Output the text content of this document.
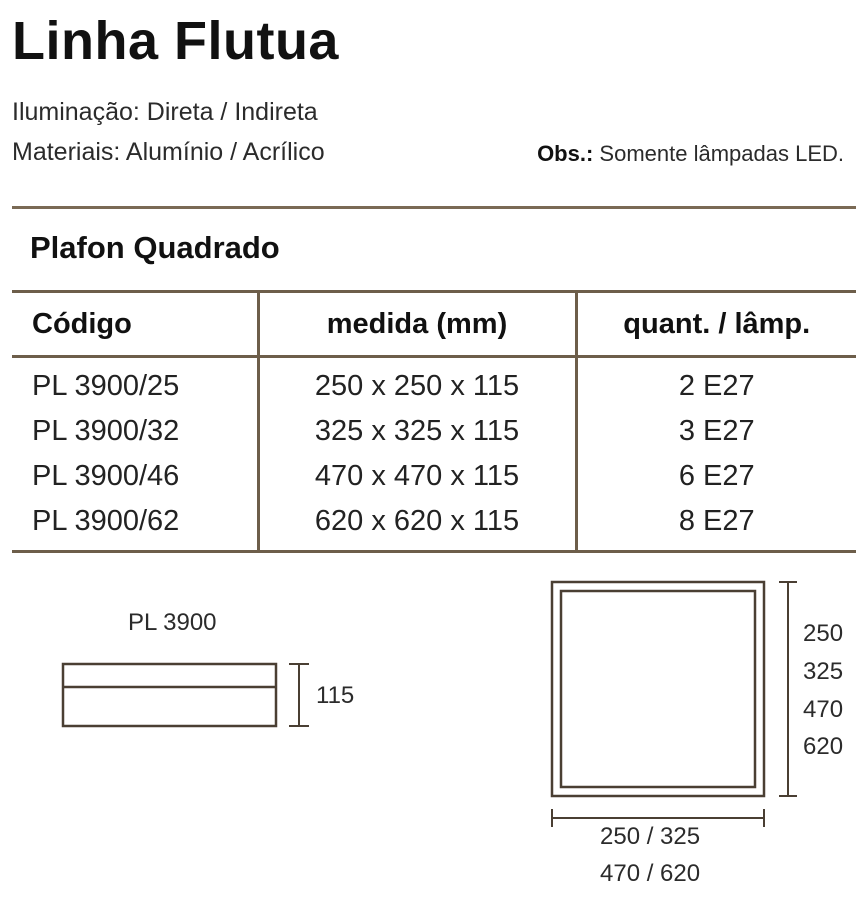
Linha Flutua
Iluminação: Direta / Indireta
Materiais: Alumínio / Acrílico	Obs.: Somente lâmpadas LED.
Plafon Quadrado
Código	medida (mm)	quant. / lâmp.
PL 3900/25	250 x 250 x 115	2 E27
PL 3900/32	325 x 325 x 115	3 E27
PL 3900/46	470 x 470 x 115	6 E27
PL 3900/62	620 x 620 x 115	8 E27
PL 3900
115
250
325
470
620
250 / 325
470 / 620
